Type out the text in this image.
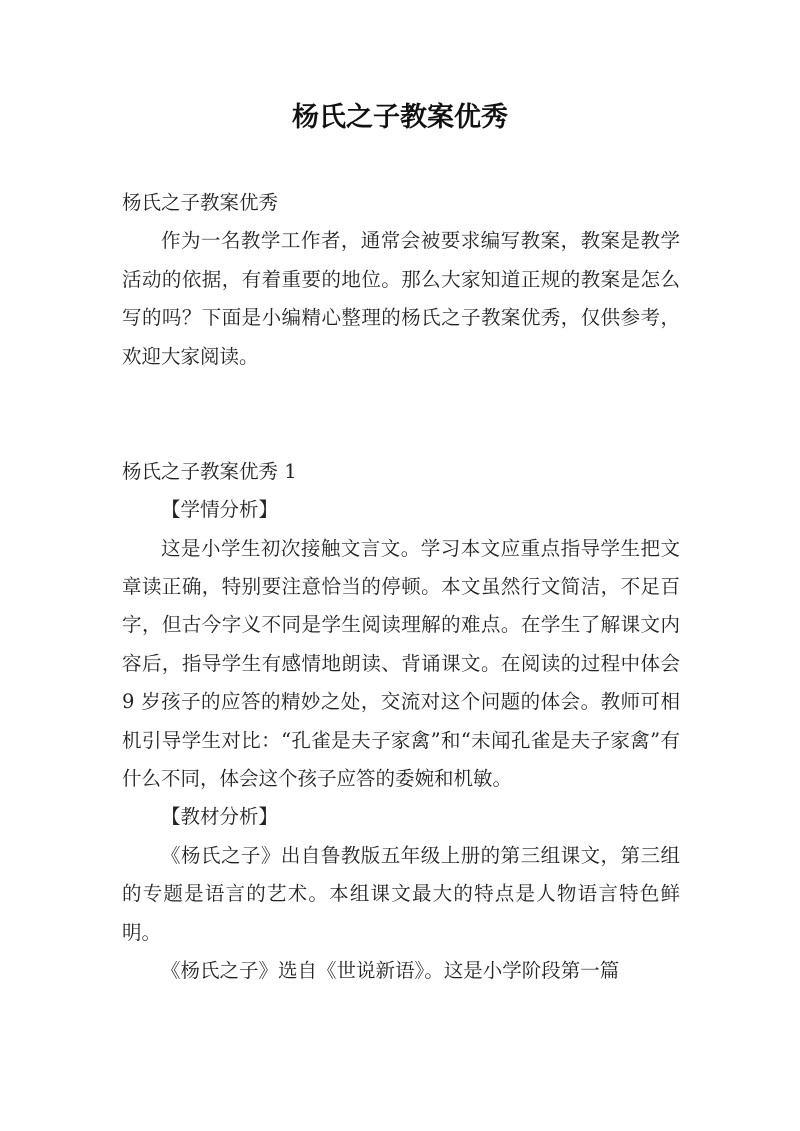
杨氏之子教案优秀

杨氏之子教案优秀

作为一名教学工作者，通常会被要求编写教案，教案是教学活动的依据，有着重要的地位。那么大家知道正规的教案是怎么写的吗？下面是小编精心整理的杨氏之子教案优秀，仅供参考，欢迎大家阅读。

杨氏之子教案优秀 1

【学情分析】

这是小学生初次接触文言文。学习本文应重点指导学生把文章读正确，特别要注意恰当的停顿。本文虽然行文简洁，不足百字，但古今字义不同是学生阅读理解的难点。在学生了解课文内容后，指导学生有感情地朗读、背诵课文。在阅读的过程中体会 9 岁孩子的应答的精妙之处，交流对这个问题的体会。教师可相机引导学生对比：“孔雀是夫子家禽”和“未闻孔雀是夫子家禽”有什么不同，体会这个孩子应答的委婉和机敏。

【教材分析】

《杨氏之子》出自鲁教版五年级上册的第三组课文，第三组的专题是语言的艺术。本组课文最大的特点是人物语言特色鲜明。

《杨氏之子》选自《世说新语》。这是小学阶段第一篇
